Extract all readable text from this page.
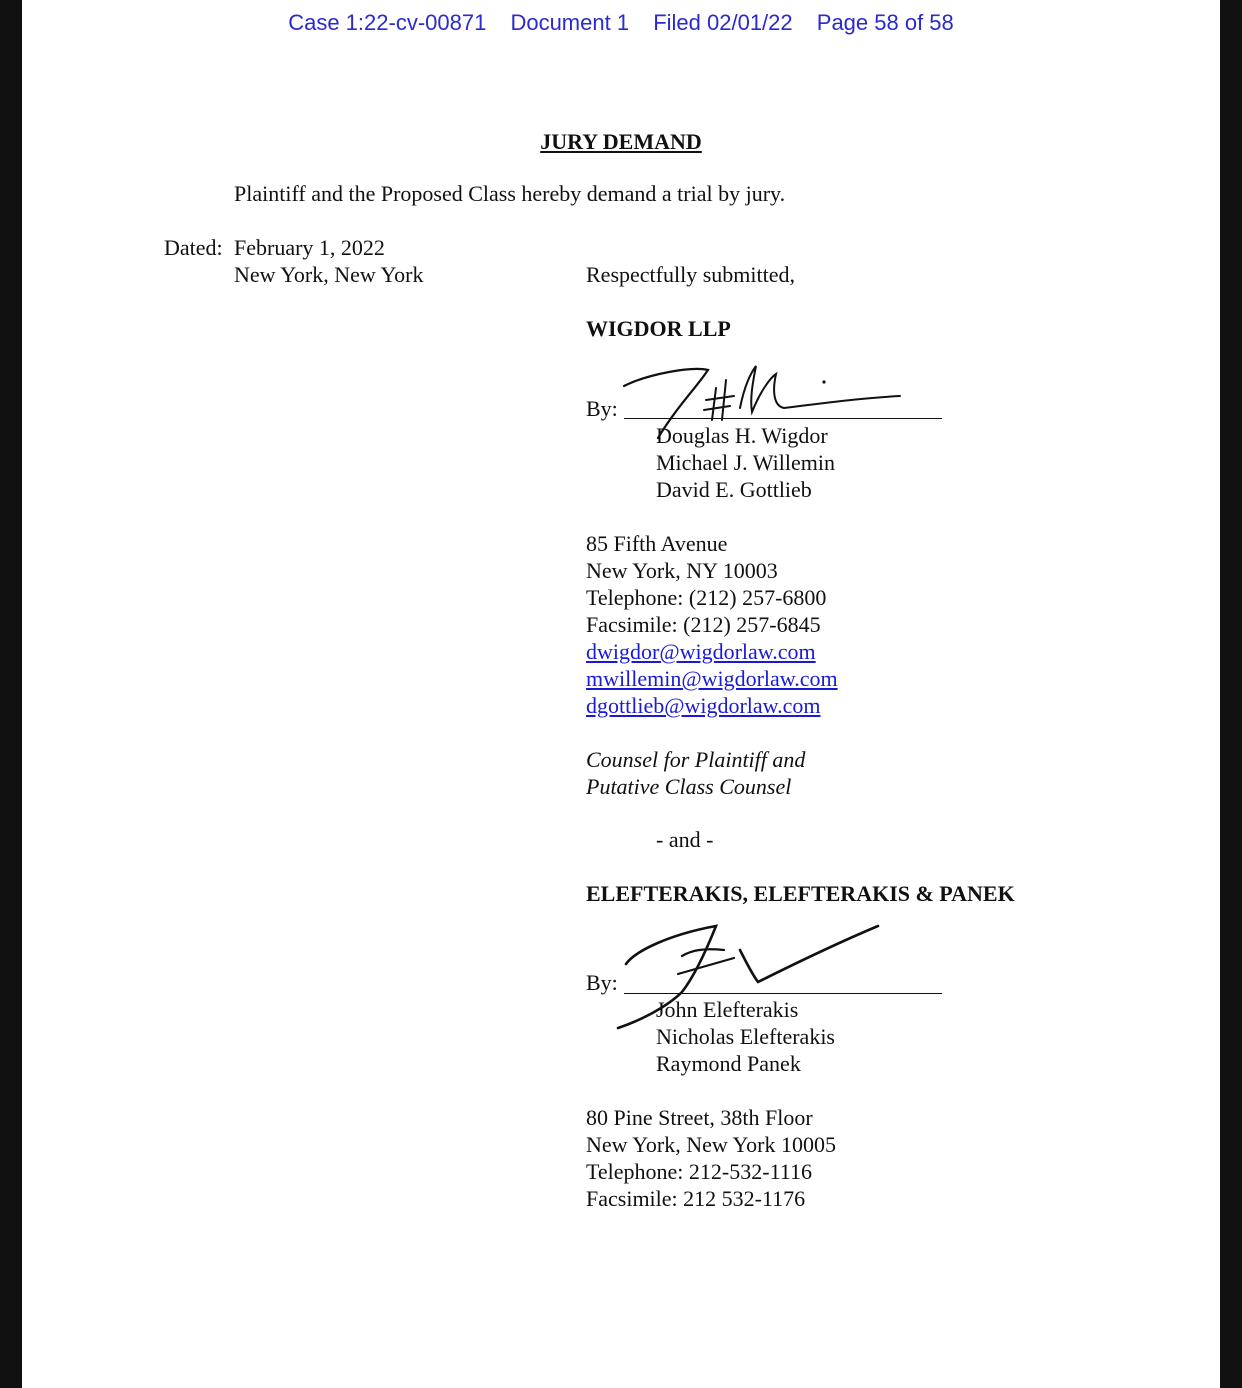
Case 1:22-cv-00871 Document 1 Filed 02/01/22 Page 58 of 58
JURY DEMAND
Plaintiff and the Proposed Class hereby demand a trial by jury.
Dated: February 1, 2022
New York, New York	Respectfully submitted,
WIGDOR LLP
By:
Douglas H. Wigdor
Michael J. Willemin
David E. Gottlieb
85 Fifth Avenue
New York, NY 10003
Telephone: (212) 257-6800
Facsimile: (212) 257-6845
dwigdor@wigdorlaw.com
mwillemin@wigdorlaw.com
dgottlieb@wigdorlaw.com
Counsel for Plaintiff and
Putative Class Counsel
- and -
ELEFTERAKIS, ELEFTERAKIS & PANEK
By:
John Elefterakis
Nicholas Elefterakis
Raymond Panek
80 Pine Street, 38th Floor
New York, New York 10005
Telephone: 212-532-1116
Facsimile: 212 532-1176
